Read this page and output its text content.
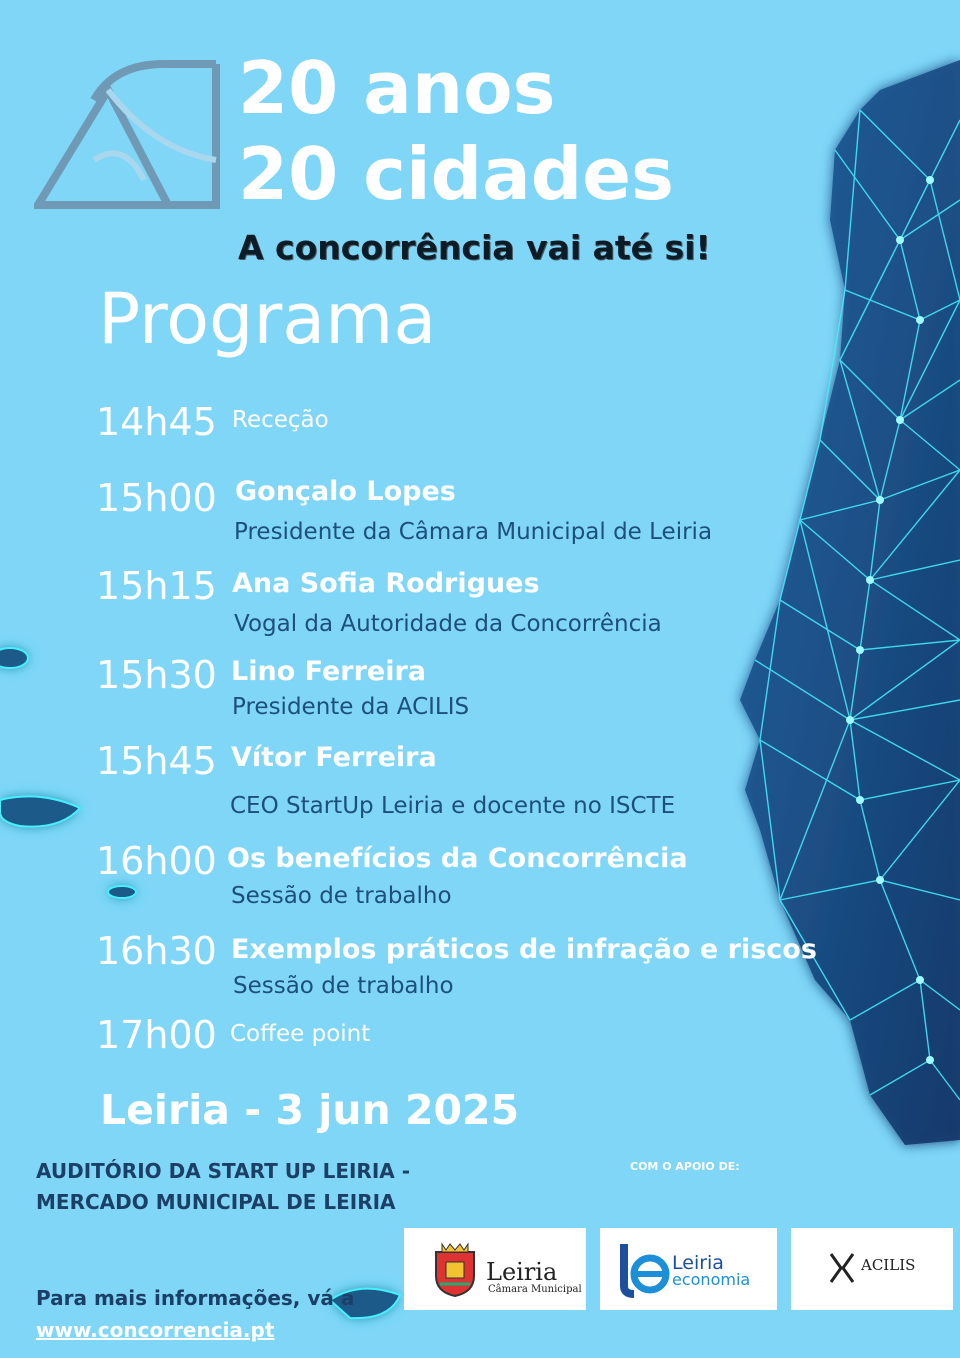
20 anos
20 cidades
A concorrência vai até si!
Programa
14h45 Receção
15h00 Gonçalo Lopes
Presidente da Câmara Municipal de Leiria
15h15 Ana Sofia Rodrigues
Vogal da Autoridade da Concorrência
15h30 Lino Ferreira
Presidente da ACILIS
15h45 Vítor Ferreira
CEO StartUp Leiria e docente no ISCTE
16h00 Os benefícios da Concorrência
Sessão de trabalho
16h30 Exemplos práticos de infração e riscos
Sessão de trabalho
17h00 Coffee point
Leiria - 3 jun 2025
AUDITÓRIO DA START UP LEIRIA -
MERCADO MUNICIPAL DE LEIRIA
COM O APOIO DE:
Leiria
Câmara Municipal
Leiria
economia
ACILIS
Para mais informações, vá a
www.concorrencia.pt
